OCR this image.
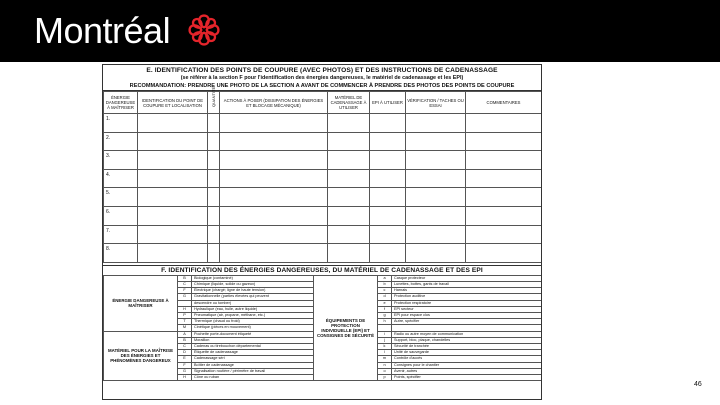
Montréal
E. IDENTIFICATION DES POINTS DE COUPURE (AVEC PHOTOS) ET DES INSTRUCTIONS DE CADENASSAGE
(se référer à la section F pour l'identification des énergies dangereuses, le matériel de cadenassage et les EPI)
RECOMMANDATION: PRENDRE UNE PHOTO DE LA SECTION A AVANT DE COMMENCER À PRENDRE DES PHOTOS DES POINTS DE COUPURE
ÉNERGIE DANGEREUSE À MAÎTRISER	IDENTIFICATION DU POINT DE COUPURE ET LOCALISATION	QUANTITÉ	ACTIONS À POSER (DISSIPATION DES ÉNERGIES ET BLOCAGE MÉCANIQUE)	MATÉRIEL DE CADENASSAGE À UTILISER	EPI À UTILISER	VÉRIFICATION / TACHES OU ESSAI	COMMENTAIRES
1.							
2.							
3.							
4.							
5.							
6.							
7.							
8.							
F. IDENTIFICATION DES ÉNERGIES DANGEREUSES, DU MATÉRIEL DE CADENASSAGE ET DES EPI
ÉNERGIE DANGEREUSE À MAÎTRISER	B	Biologique (contaminé)	ÉQUIPEMENTS DE PROTECTION INDIVIDUELLE (EPI) ET CONSIGNES DE SÉCURITÉ	a	Casque protecteur
	C	Chimique (liquide, solide ou gazeux)		b	Lunettes, bottes, gants de travail
	F	Électrique (chargé; ligne de haute tension)		c	Harnais
	G	Gravitationnelle (parties élevées qui peuvent		d	Protection auditive
		descendre ou tomber)		e	Protection respiratoire
	H	Hydraulique (eau, huile, autre liquide)		f	EPI secteur
	P	Pneumatique (air, propane, méthane, etc.)		g	EPI pour espace clos
	T	Thermique (chaud ou froid)		h	Autre, spécifier
	M	Cinétique (pièces en mouvement)			
MATÉRIEL POUR LA MAÎTRISE DES ÉNERGIES ET PHÉNOMÈNES DANGEREUX	A	Pochette porte-document étiqueté		i	Radio ou autre moyen de communication
	B	Moraillon		j	Support, bloc, plaque, chandelles
	C	Cadenas ou tirebouchon départemental		k	Sécurité de tranchée
	D	Étiquette de cadenassage		l	Unité de sauvegarde
	E	Cadenassage séri		m	Contrôle d'accès
	F	Boîtier de cadenassage		n	Consignes pour le chantier
	G	Signalisation routière / périmètre de travail		o	Avenir, autres
	H	Cône ou ruban		p	Points, spécifier
46
